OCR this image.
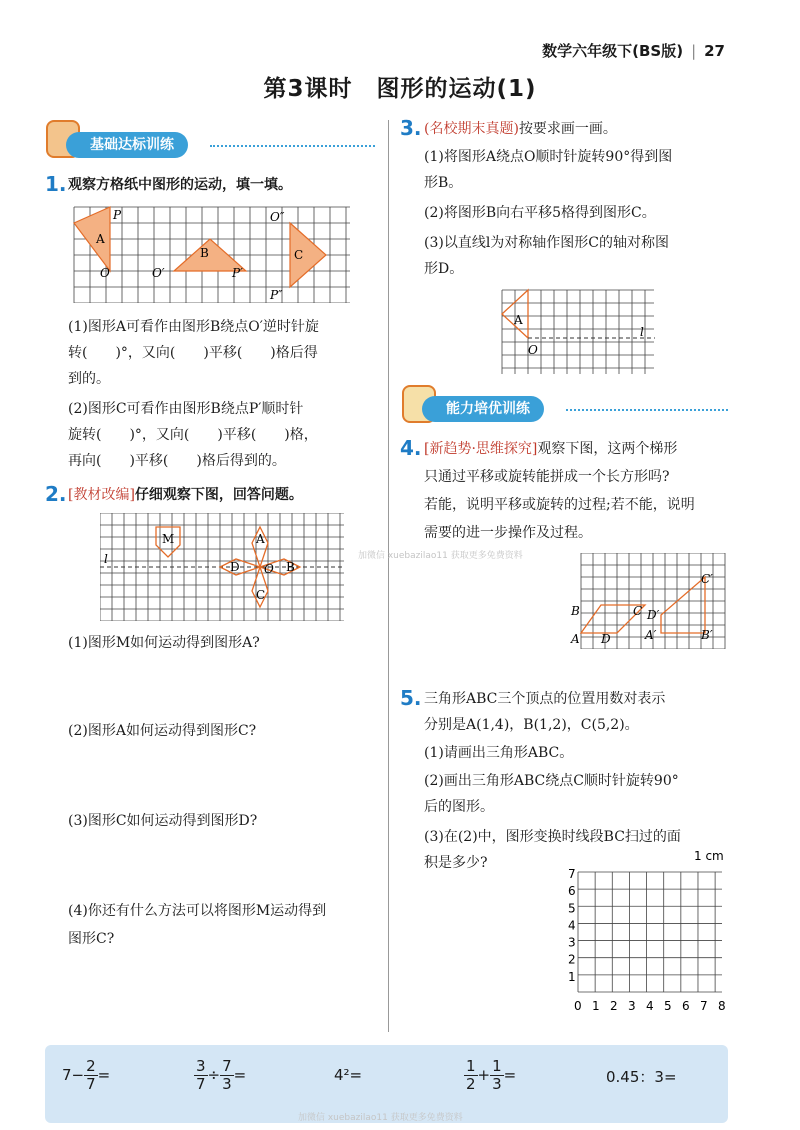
数学六年级下(BS版) | 27
第3课时　图形的运动(1)
基础达标训练
1. 观察方格纸中图形的运动，填一填。
A
B	C
P
O	O′	P′
O″
P″
(1)图形A可看作由图形B绕点O′逆时针旋
转(　　)°，又向(　　)平移(　　)格后得
到的。
(2)图形C可看作由图形B绕点P′顺时针
旋转(　　)°，又向(　　)平移(　　)格，
再向(　　)平移(　　)格后得到的。
2. [教材改编]仔细观察下图，回答问题。
l
M	A
B
C
D O
(1)图形M如何运动得到图形A?
(2)图形A如何运动得到图形C?
(3)图形C如何运动得到图形D?
(4)你还有什么方法可以将图形M运动得到
图形C?
3. (名校期末真题)按要求画一画。
(1)将图形A绕点O顺时针旋转90°得到图
形B。
(2)将图形B向右平移5格得到图形C。
(3)以直线l为对称轴作图形C的轴对称图
形D。
A
O
l
能力培优训练
4. [新趋势·思维探究]观察下图，这两个梯形
只通过平移或旋转能拼成一个长方形吗?
若能，说明平移或旋转的过程;若不能，说明
需要的进一步操作及过程。
加微信 xuebazilao11 获取更多免费资料
B
A
C
D
D′
A′
C′
B′
5. 三角形ABC三个顶点的位置用数对表示
分别是A(1,4)，B(1,2)，C(5,2)。
(1)请画出三角形ABC。
(2)画出三角形ABC绕点C顺时针旋转90°
后的图形。
(3)在(2)中，图形变换时线段BC扫过的面
积是多少?	1 cm
7
6
5
4
3
2
1
0 1 2 3 4 5 6 7 8
$7- \frac{2}{7}$ =	$\frac{3}{7} \div \frac{7}{3}$ =	4²=	$\frac{1}{2} + \frac{1}{3}$ =	0.45：3=
加微信 xuebazilao11 获取更多免费资料
